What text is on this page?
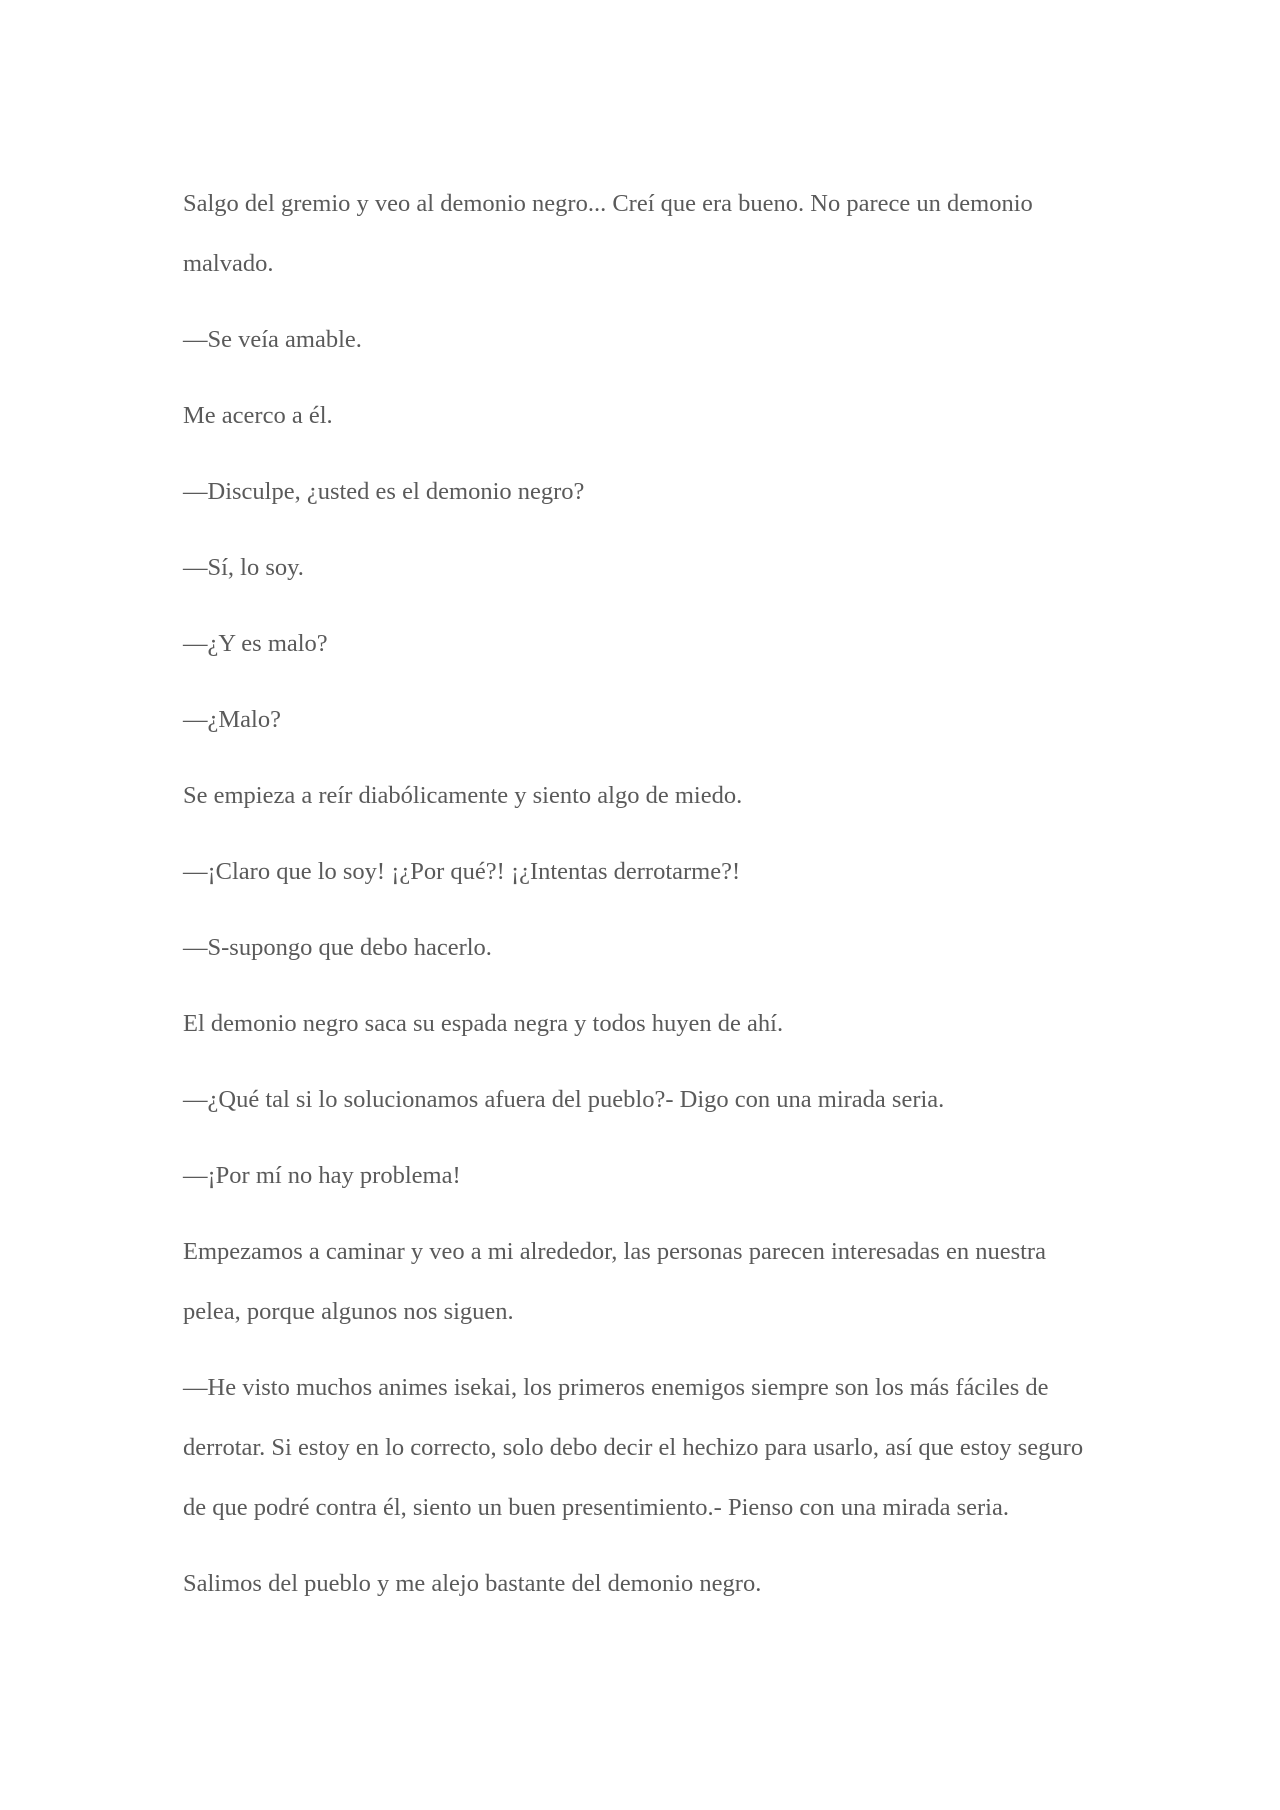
Salgo del gremio y veo al demonio negro... Creí que era bueno. No parece un demonio malvado.

—Se veía amable.

Me acerco a él.

—Disculpe, ¿usted es el demonio negro?

—Sí, lo soy.

—¿Y es malo?

—¿Malo?

Se empieza a reír diabólicamente y siento algo de miedo.

—¡Claro que lo soy! ¡¿Por qué?! ¡¿Intentas derrotarme?!

—S-supongo que debo hacerlo.

El demonio negro saca su espada negra y todos huyen de ahí.

—¿Qué tal si lo solucionamos afuera del pueblo?- Digo con una mirada seria.

—¡Por mí no hay problema!

Empezamos a caminar y veo a mi alrededor, las personas parecen interesadas en nuestra pelea, porque algunos nos siguen.

—He visto muchos animes isekai, los primeros enemigos siempre son los más fáciles de derrotar. Si estoy en lo correcto, solo debo decir el hechizo para usarlo, así que estoy seguro de que podré contra él, siento un buen presentimiento.- Pienso con una mirada seria.

Salimos del pueblo y me alejo bastante del demonio negro.
